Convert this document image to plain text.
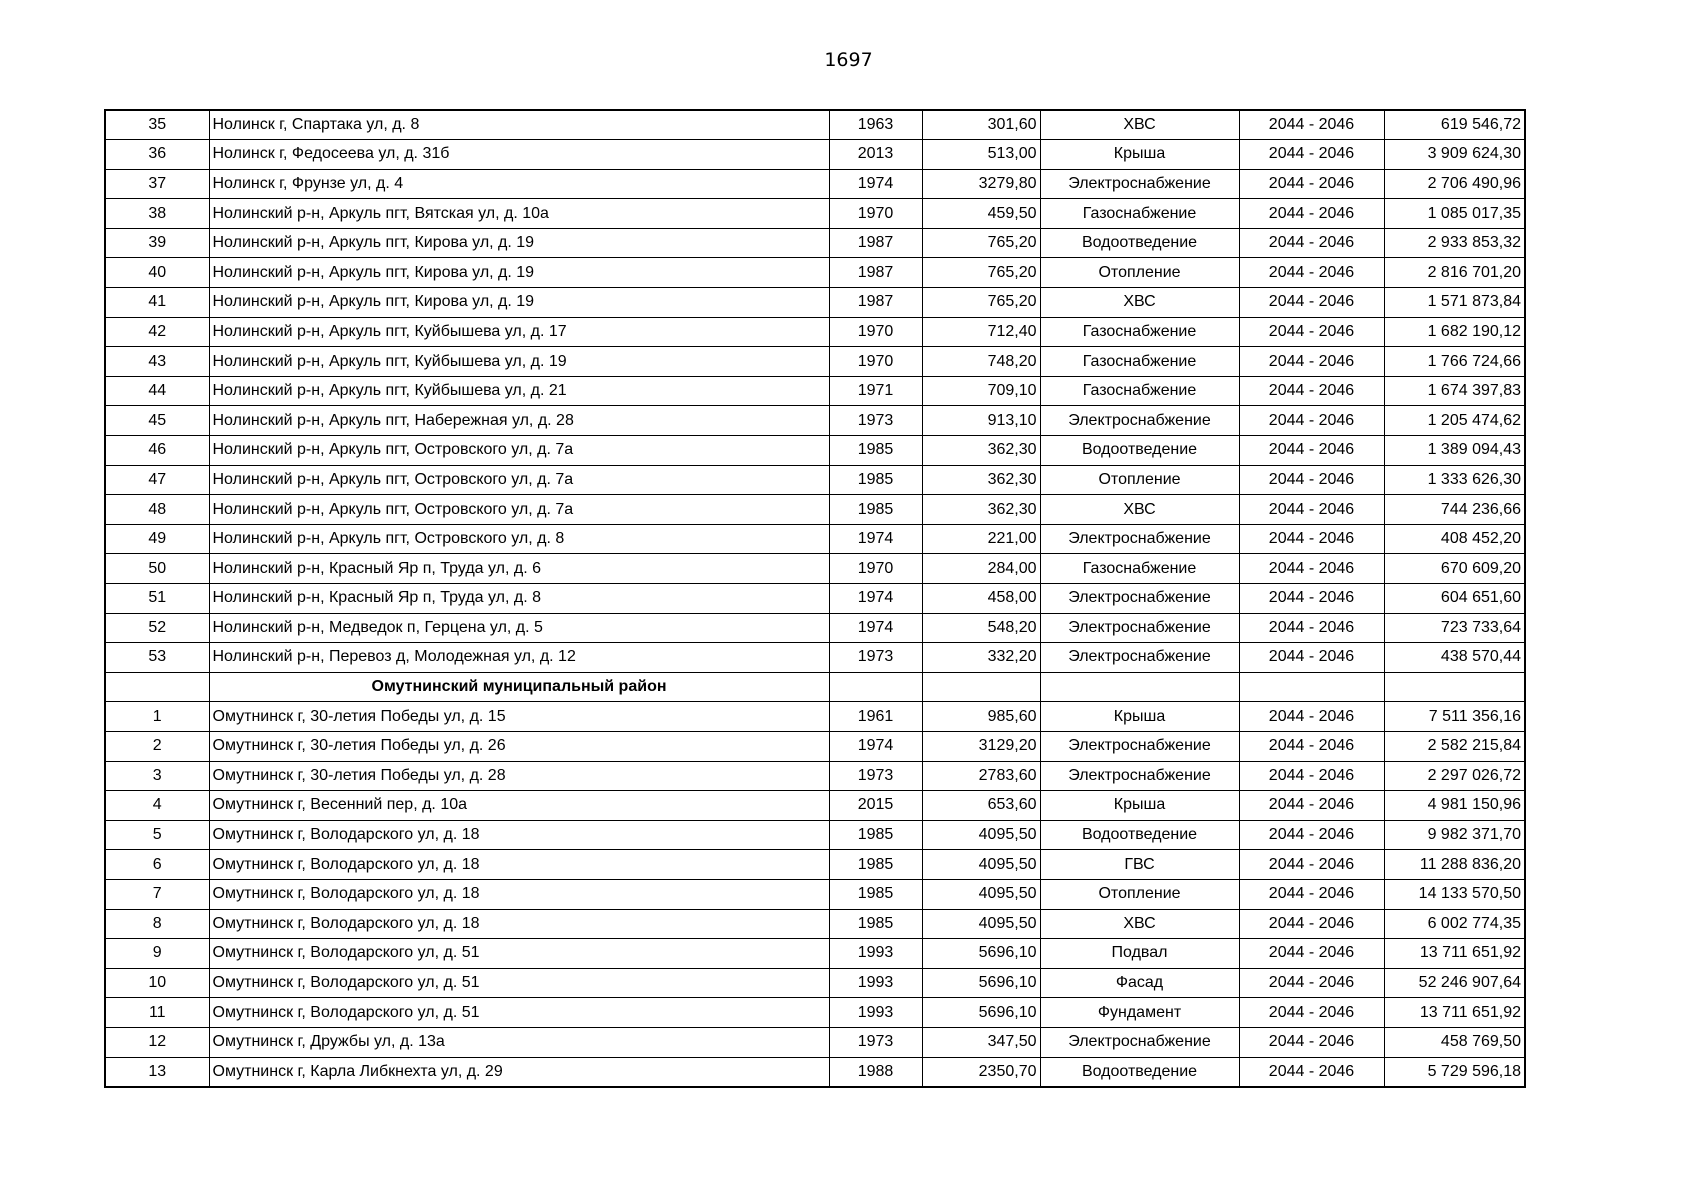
1697
35	Нолинск г, Спартака ул, д. 8	1963	301,60	ХВС	2044 - 2046	619 546,72
36	Нолинск г, Федосеева ул, д. 31б	2013	513,00	Крыша	2044 - 2046	3 909 624,30
37	Нолинск г, Фрунзе ул, д. 4	1974	3279,80	Электроснабжение	2044 - 2046	2 706 490,96
38	Нолинский р-н, Аркуль пгт, Вятская ул, д. 10а	1970	459,50	Газоснабжение	2044 - 2046	1 085 017,35
39	Нолинский р-н, Аркуль пгт, Кирова ул, д. 19	1987	765,20	Водоотведение	2044 - 2046	2 933 853,32
40	Нолинский р-н, Аркуль пгт, Кирова ул, д. 19	1987	765,20	Отопление	2044 - 2046	2 816 701,20
41	Нолинский р-н, Аркуль пгт, Кирова ул, д. 19	1987	765,20	ХВС	2044 - 2046	1 571 873,84
42	Нолинский р-н, Аркуль пгт, Куйбышева ул, д. 17	1970	712,40	Газоснабжение	2044 - 2046	1 682 190,12
43	Нолинский р-н, Аркуль пгт, Куйбышева ул, д. 19	1970	748,20	Газоснабжение	2044 - 2046	1 766 724,66
44	Нолинский р-н, Аркуль пгт, Куйбышева ул, д. 21	1971	709,10	Газоснабжение	2044 - 2046	1 674 397,83
45	Нолинский р-н, Аркуль пгт, Набережная ул, д. 28	1973	913,10	Электроснабжение	2044 - 2046	1 205 474,62
46	Нолинский р-н, Аркуль пгт, Островского ул, д. 7а	1985	362,30	Водоотведение	2044 - 2046	1 389 094,43
47	Нолинский р-н, Аркуль пгт, Островского ул, д. 7а	1985	362,30	Отопление	2044 - 2046	1 333 626,30
48	Нолинский р-н, Аркуль пгт, Островского ул, д. 7а	1985	362,30	ХВС	2044 - 2046	744 236,66
49	Нолинский р-н, Аркуль пгт, Островского ул, д. 8	1974	221,00	Электроснабжение	2044 - 2046	408 452,20
50	Нолинский р-н, Красный Яр п, Труда ул, д. 6	1970	284,00	Газоснабжение	2044 - 2046	670 609,20
51	Нолинский р-н, Красный Яр п, Труда ул, д. 8	1974	458,00	Электроснабжение	2044 - 2046	604 651,60
52	Нолинский р-н, Медведок п, Герцена ул, д. 5	1974	548,20	Электроснабжение	2044 - 2046	723 733,64
53	Нолинский р-н, Перевоз д, Молодежная ул, д. 12	1973	332,20	Электроснабжение	2044 - 2046	438 570,44
	Омутнинский муниципальный район					
1	Омутнинск г, 30-летия Победы ул, д. 15	1961	985,60	Крыша	2044 - 2046	7 511 356,16
2	Омутнинск г, 30-летия Победы ул, д. 26	1974	3129,20	Электроснабжение	2044 - 2046	2 582 215,84
3	Омутнинск г, 30-летия Победы ул, д. 28	1973	2783,60	Электроснабжение	2044 - 2046	2 297 026,72
4	Омутнинск г, Весенний пер, д. 10а	2015	653,60	Крыша	2044 - 2046	4 981 150,96
5	Омутнинск г, Володарского ул, д. 18	1985	4095,50	Водоотведение	2044 - 2046	9 982 371,70
6	Омутнинск г, Володарского ул, д. 18	1985	4095,50	ГВС	2044 - 2046	11 288 836,20
7	Омутнинск г, Володарского ул, д. 18	1985	4095,50	Отопление	2044 - 2046	14 133 570,50
8	Омутнинск г, Володарского ул, д. 18	1985	4095,50	ХВС	2044 - 2046	6 002 774,35
9	Омутнинск г, Володарского ул, д. 51	1993	5696,10	Подвал	2044 - 2046	13 711 651,92
10	Омутнинск г, Володарского ул, д. 51	1993	5696,10	Фасад	2044 - 2046	52 246 907,64
11	Омутнинск г, Володарского ул, д. 51	1993	5696,10	Фундамент	2044 - 2046	13 711 651,92
12	Омутнинск г, Дружбы ул, д. 13а	1973	347,50	Электроснабжение	2044 - 2046	458 769,50
13	Омутнинск г, Карла Либкнехта ул, д. 29	1988	2350,70	Водоотведение	2044 - 2046	5 729 596,18
